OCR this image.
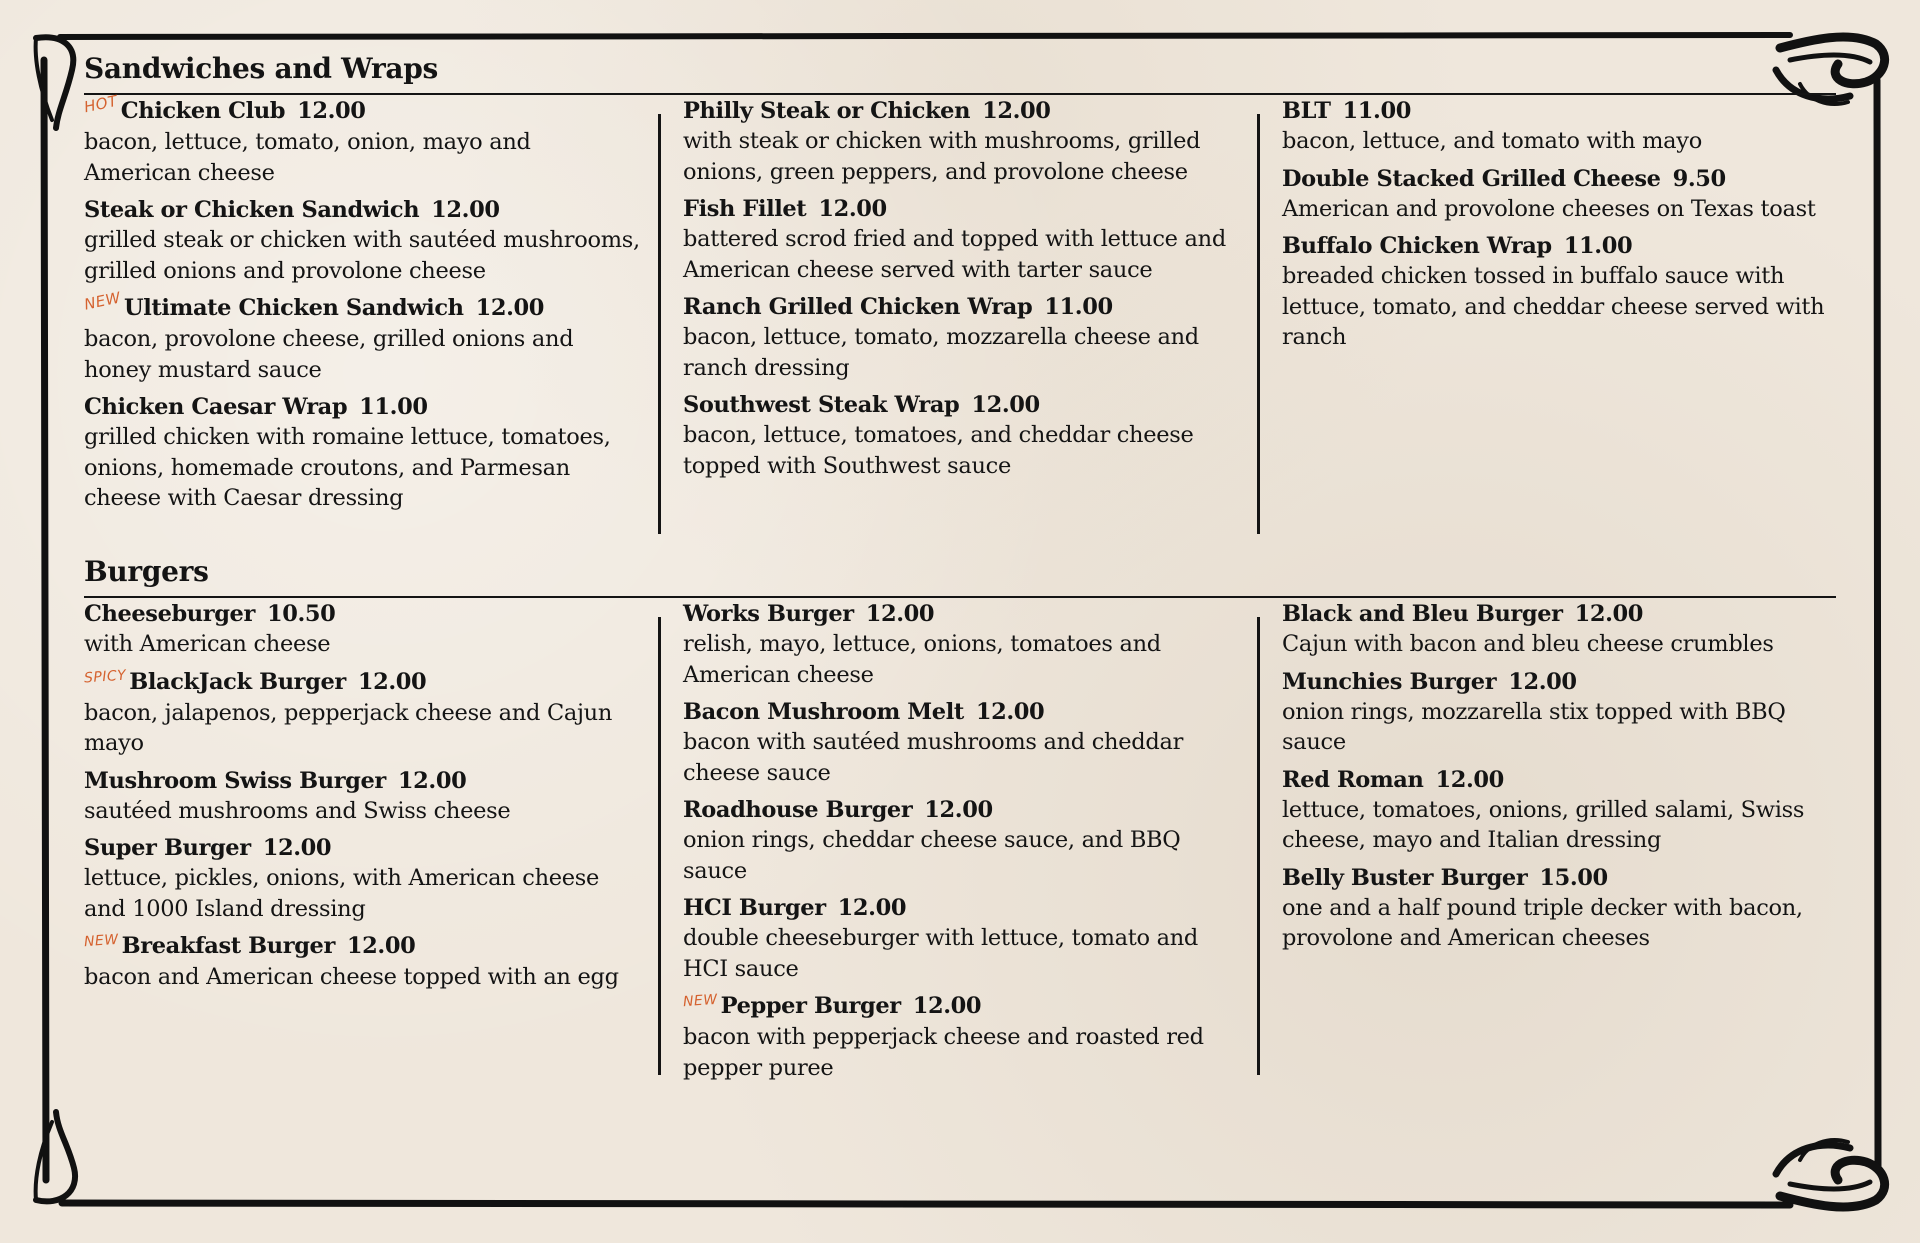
Sandwiches and Wraps
HOTChicken Club 12.00
bacon, lettuce, tomato, onion, mayo and American cheese
Steak or Chicken Sandwich 12.00
grilled steak or chicken with sautéed mushrooms, grilled onions and provolone cheese
NEWUltimate Chicken Sandwich 12.00
bacon, provolone cheese, grilled onions and honey mustard sauce
Chicken Caesar Wrap 11.00
grilled chicken with romaine lettuce, tomatoes, onions, homemade croutons, and Parmesan cheese with Caesar dressing
Philly Steak or Chicken 12.00
with steak or chicken with mushrooms, grilled onions, green peppers, and provolone cheese
Fish Fillet 12.00
battered scrod fried and topped with lettuce and American cheese served with tarter sauce
Ranch Grilled Chicken Wrap 11.00
bacon, lettuce, tomato, mozzarella cheese and ranch dressing
Southwest Steak Wrap 12.00
bacon, lettuce, tomatoes, and cheddar cheese topped with Southwest sauce
BLT 11.00
bacon, lettuce, and tomato with mayo
Double Stacked Grilled Cheese 9.50
American and provolone cheeses on Texas toast
Buffalo Chicken Wrap 11.00
breaded chicken tossed in buffalo sauce with lettuce, tomato, and cheddar cheese served with ranch
Burgers
Cheeseburger 10.50
with American cheese
SPICY BlackJack Burger 12.00
bacon, jalapenos, pepperjack cheese and Cajun mayo
Mushroom Swiss Burger 12.00
sautéed mushrooms and Swiss cheese
Super Burger 12.00
lettuce, pickles, onions, with American cheese and 1000 Island dressing
NEW Breakfast Burger 12.00
bacon and American cheese topped with an egg
Works Burger 12.00
relish, mayo, lettuce, onions, tomatoes and American cheese
Bacon Mushroom Melt 12.00
bacon with sautéed mushrooms and cheddar cheese sauce
Roadhouse Burger 12.00
onion rings, cheddar cheese sauce, and BBQ sauce
HCI Burger 12.00
double cheeseburger with lettuce, tomato and HCI sauce
NEW Pepper Burger 12.00
bacon with pepperjack cheese and roasted red pepper puree
Black and Bleu Burger 12.00
Cajun with bacon and bleu cheese crumbles
Munchies Burger 12.00
onion rings, mozzarella stix topped with BBQ sauce
Red Roman 12.00
lettuce, tomatoes, onions, grilled salami, Swiss cheese, mayo and Italian dressing
Belly Buster Burger 15.00
one and a half pound triple decker with bacon, provolone and American cheeses
